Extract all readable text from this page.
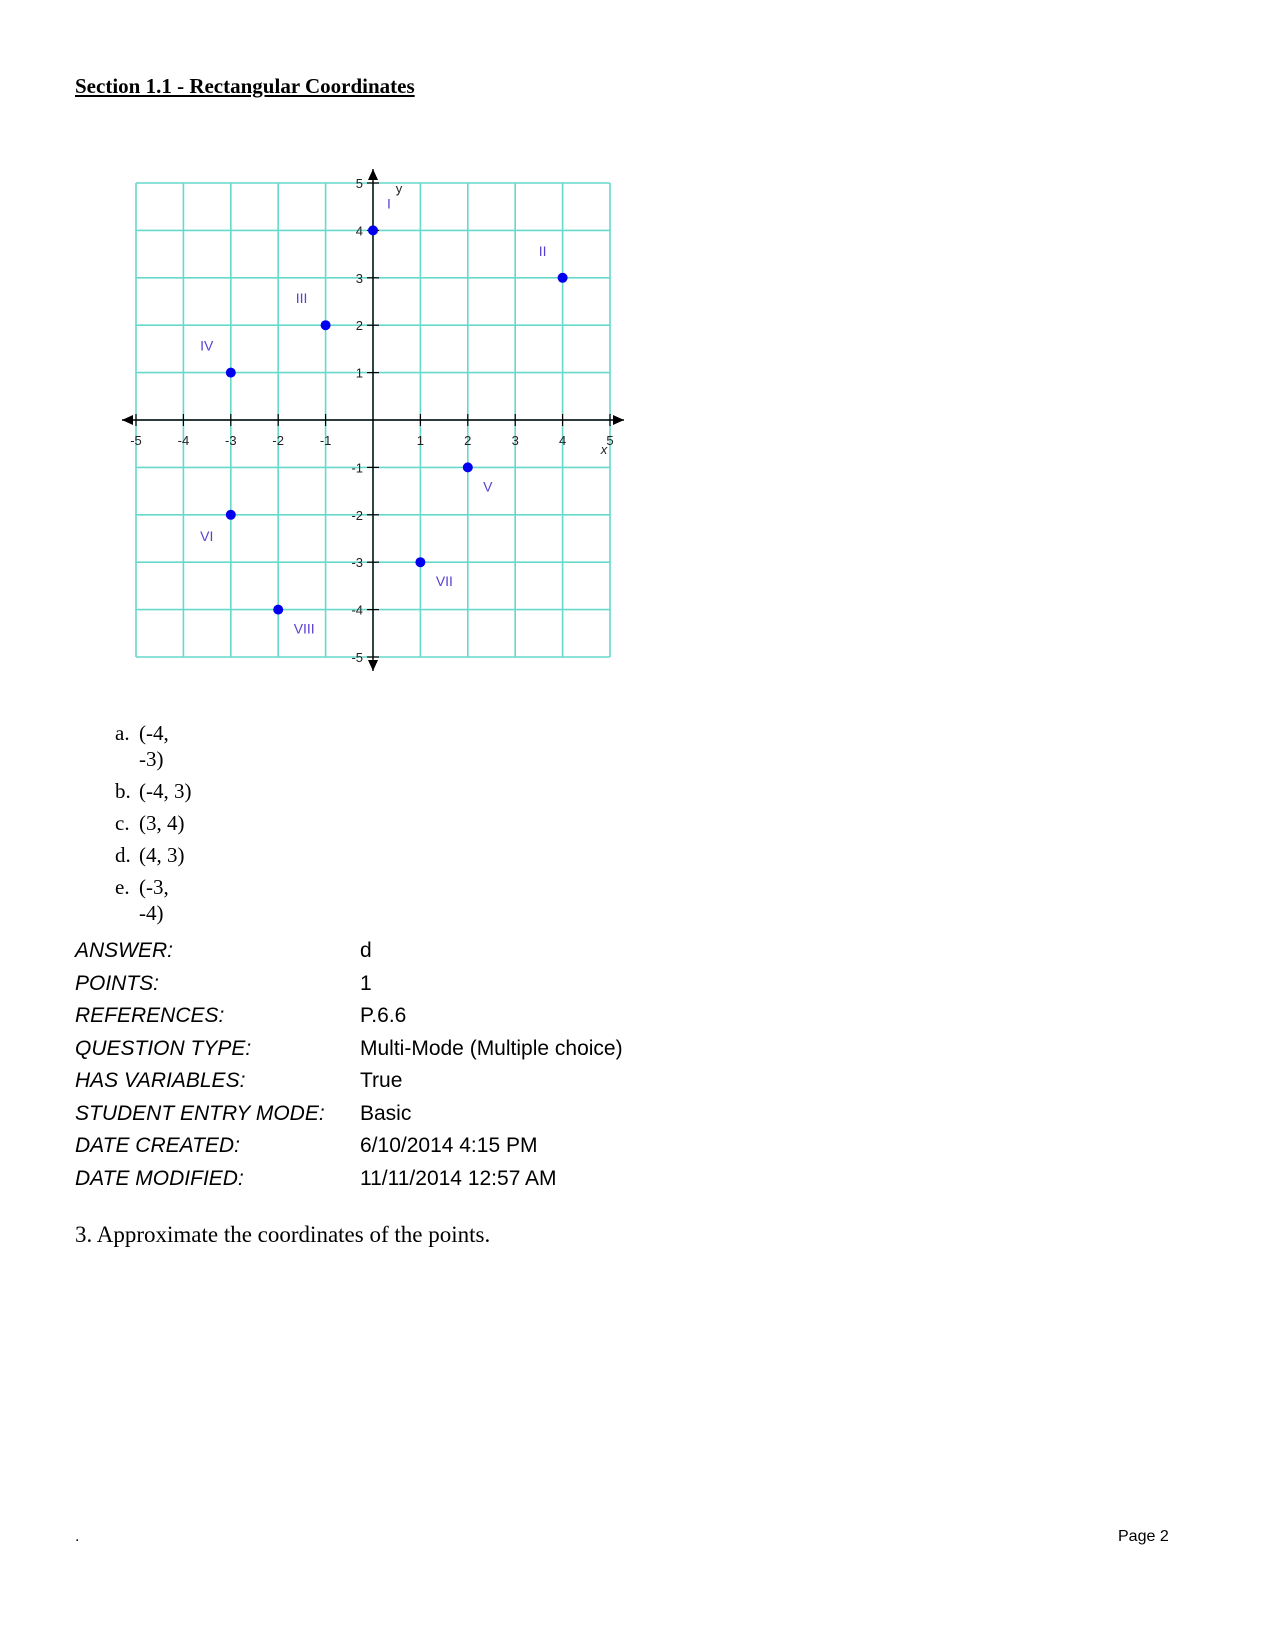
Section 1.1 - Rectangular Coordinates
-5	-4	-3	-2	-1	1	2	3	4	5
5
4
3
2
1
-1
-2
-3
-4
-5
x
y
I
II
III
IV
V
VI
VII
VIII
a. (-4, -3)
b. (-4, 3)
c. (3, 4)
d. (4, 3)
e. (-3, -4)
ANSWER:	d
POINTS:	1
REFERENCES:	P.6.6
QUESTION TYPE:	Multi-Mode (Multiple choice)
HAS VARIABLES:	True
STUDENT ENTRY MODE:	Basic
DATE CREATED:	6/10/2014 4:15 PM
DATE MODIFIED:	11/11/2014 12:57 AM
3. Approximate the coordinates of the points.
.	Page 2
